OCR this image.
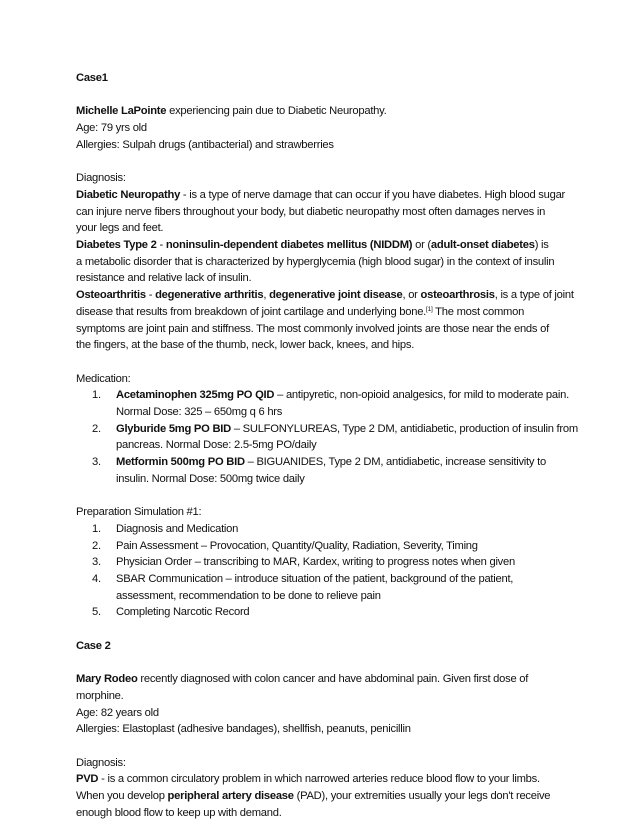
Case1
Michelle LaPointe experiencing pain due to Diabetic Neuropathy.
Age: 79 yrs old
Allergies: Sulpah drugs (antibacterial) and strawberries
Diagnosis:
Diabetic Neuropathy - is a type of nerve damage that can occur if you have diabetes. High blood sugar
can injure nerve fibers throughout your body, but diabetic neuropathy most often damages nerves in
your legs and feet.
Diabetes Type 2 - noninsulin-dependent diabetes mellitus (NIDDM) or (adult-onset diabetes) is
a metabolic disorder that is characterized by hyperglycemia (high blood sugar) in the context of insulin
resistance and relative lack of insulin.
Osteoarthritis - degenerative arthritis, degenerative joint disease, or osteoarthrosis, is a type of joint
disease that results from breakdown of joint cartilage and underlying bone.[1] The most common
symptoms are joint pain and stiffness. The most commonly involved joints are those near the ends of
the fingers, at the base of the thumb, neck, lower back, knees, and hips.
Medication:
1.	Acetaminophen 325mg PO QID – antipyretic, non-opioid analgesics, for mild to moderate pain.
Normal Dose: 325 – 650mg q 6 hrs
2.	Glyburide 5mg PO BID – SULFONYLUREAS, Type 2 DM, antidiabetic, production of insulin from
pancreas. Normal Dose: 2.5-5mg PO/daily
3.	Metformin 500mg PO BID – BIGUANIDES, Type 2 DM, antidiabetic, increase sensitivity to
insulin. Normal Dose: 500mg twice daily
Preparation Simulation #1:
1.	Diagnosis and Medication
2.	Pain Assessment – Provocation, Quantity/Quality, Radiation, Severity, Timing
3.	Physician Order – transcribing to MAR, Kardex, writing to progress notes when given
4.	SBAR Communication – introduce situation of the patient, background of the patient,
assessment, recommendation to be done to relieve pain
5.	Completing Narcotic Record
Case 2
Mary Rodeo recently diagnosed with colon cancer and have abdominal pain. Given first dose of
morphine.
Age: 82 years old
Allergies: Elastoplast (adhesive bandages), shellfish, peanuts, penicillin
Diagnosis:
PVD - is a common circulatory problem in which narrowed arteries reduce blood flow to your limbs.
When you develop peripheral artery disease (PAD), your extremities usually your legs don't receive
enough blood flow to keep up with demand.
